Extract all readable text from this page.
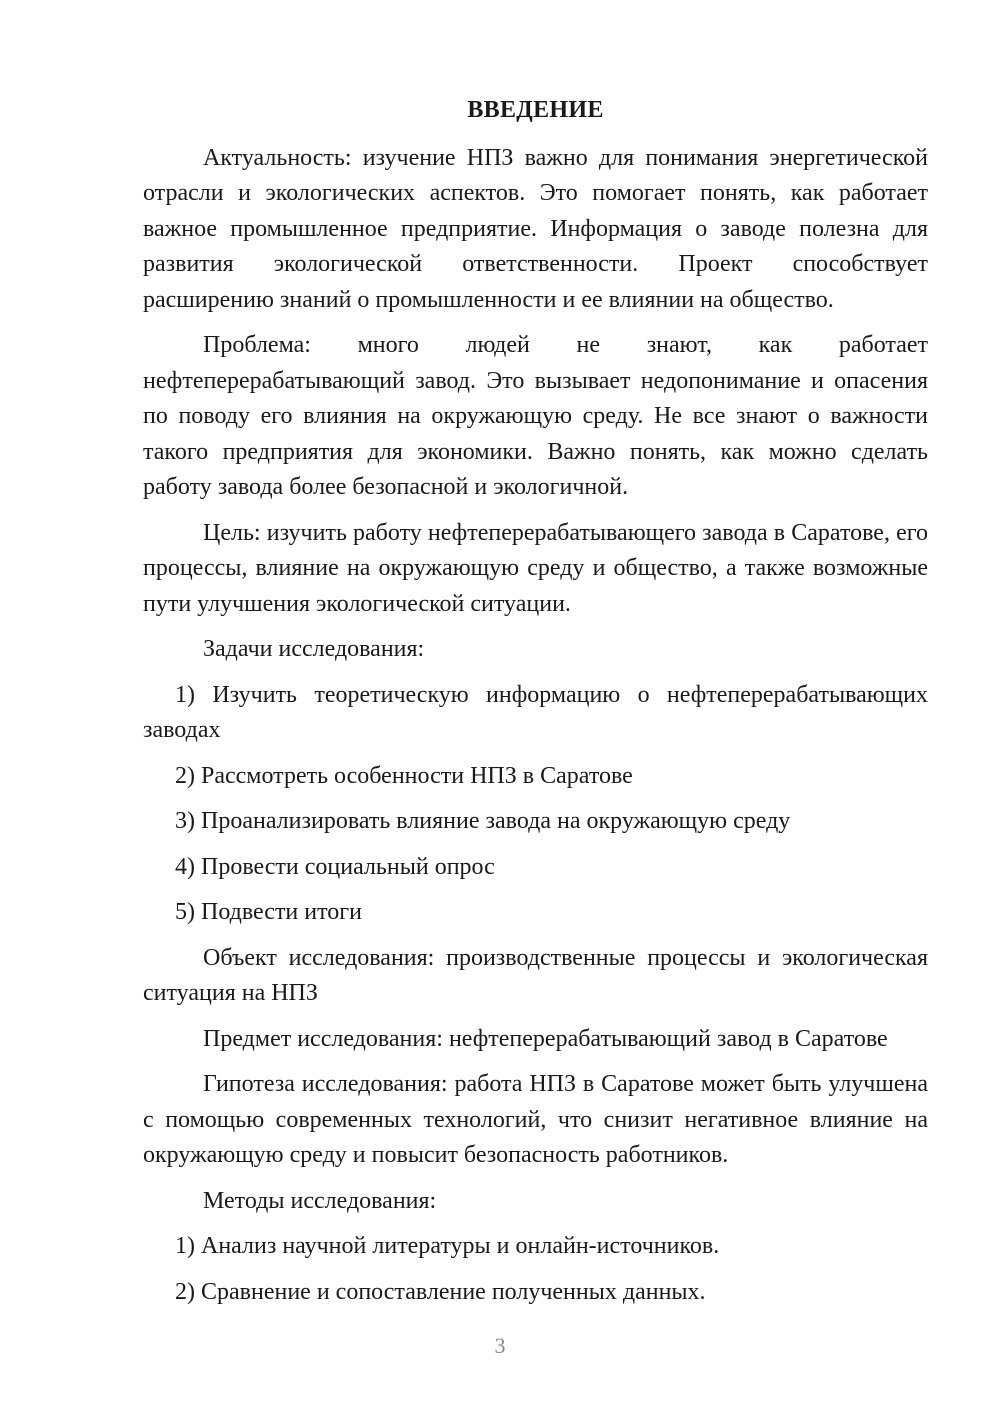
ВВЕДЕНИЕ

Актуальность: изучение НПЗ важно для понимания энергетической отрасли и экологических аспектов. Это помогает понять, как работает важное промышленное предприятие. Информация о заводе полезна для развития экологической ответственности. Проект способствует расширению знаний о промышленности и ее влиянии на общество.

Проблема: много людей не знают, как работает нефтеперерабатывающий завод. Это вызывает недопонимание и опасения по поводу его влияния на окружающую среду. Не все знают о важности такого предприятия для экономики. Важно понять, как можно сделать работу завода более безопасной и экологичной.

Цель: изучить работу нефтеперерабатывающего завода в Саратове, его процессы, влияние на окружающую среду и общество, а также возможные пути улучшения экологической ситуации.

Задачи исследования:

1) Изучить теоретическую информацию о нефтеперерабатывающих заводах

2) Рассмотреть особенности НПЗ в Саратове

3) Проанализировать влияние завода на окружающую среду

4) Провести социальный опрос

5) Подвести итоги

Объект исследования: производственные процессы и экологическая ситуация на НПЗ

Предмет исследования: нефтеперерабатывающий завод в Саратове

Гипотеза исследования: работа НПЗ в Саратове может быть улучшена с помощью современных технологий, что снизит негативное влияние на окружающую среду и повысит безопасность работников.

Методы исследования:

1) Анализ научной литературы и онлайн-источников.

2) Сравнение и сопоставление полученных данных.

3
